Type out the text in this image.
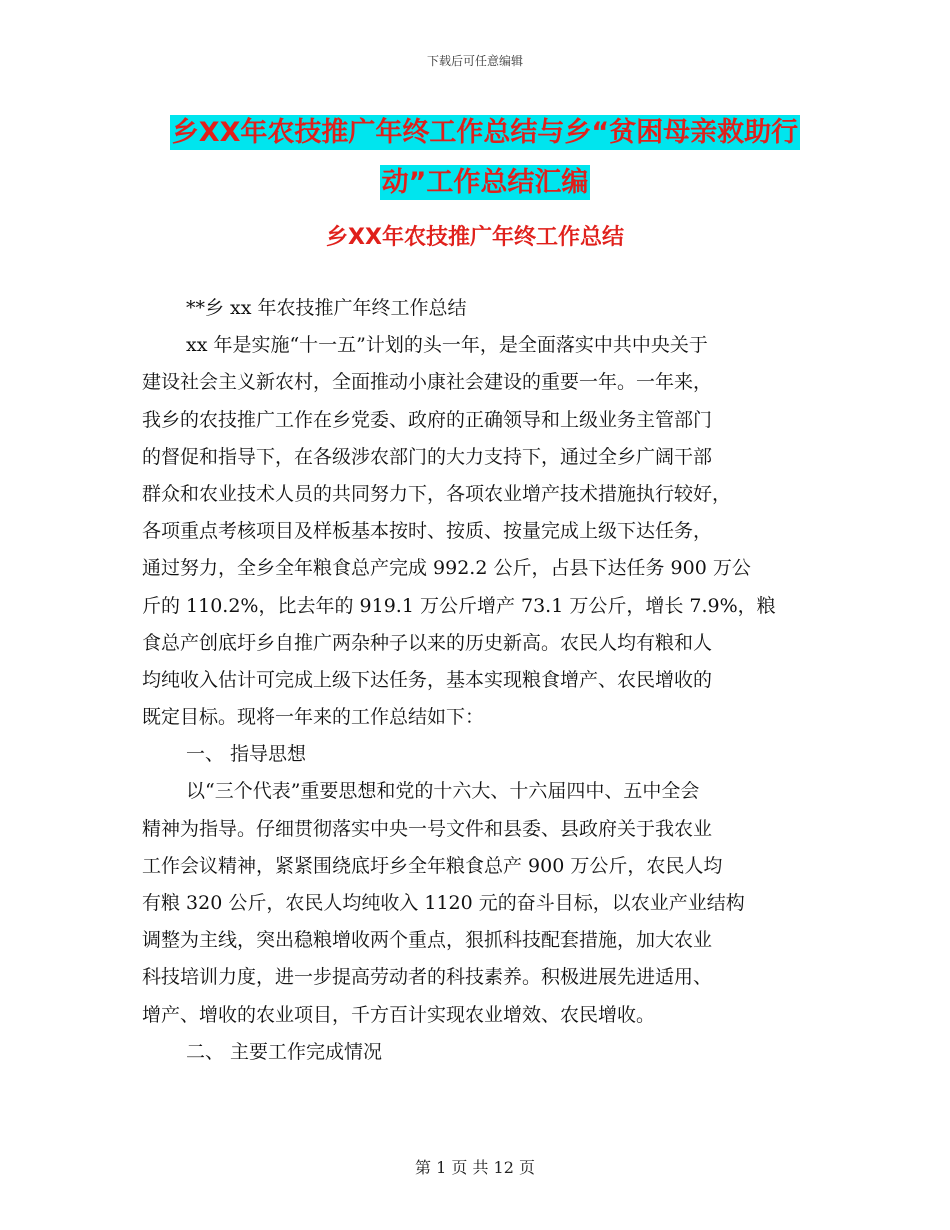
下载后可任意编辑
乡XX年农技推广年终工作总结与乡“贫困母亲救助行
动”工作总结汇编
乡XX年农技推广年终工作总结
**乡 xx 年农技推广年终工作总结
xx 年是实施“十一五”计划的头一年，是全面落实中共中央关于
建设社会主义新农村，全面推动小康社会建设的重要一年。一年来，
我乡的农技推广工作在乡党委、政府的正确领导和上级业务主管部门
的督促和指导下，在各级涉农部门的大力支持下，通过全乡广阔干部
群众和农业技术人员的共同努力下，各项农业增产技术措施执行较好，
各项重点考核项目及样板基本按时、按质、按量完成上级下达任务，
通过努力，全乡全年粮食总产完成 992.2 公斤，占县下达任务 900 万公
斤的 110.2%，比去年的 919.1 万公斤增产 73.1 万公斤，增长 7.9%，粮
食总产创底圩乡自推广两杂种子以来的历史新高。农民人均有粮和人
均纯收入估计可完成上级下达任务，基本实现粮食增产、农民增收的
既定目标。现将一年来的工作总结如下：
一、 指导思想
以“三个代表”重要思想和党的十六大、十六届四中、五中全会
精神为指导。仔细贯彻落实中央一号文件和县委、县政府关于我农业
工作会议精神，紧紧围绕底圩乡全年粮食总产 900 万公斤，农民人均
有粮 320 公斤，农民人均纯收入 1120 元的奋斗目标，以农业产业结构
调整为主线，突出稳粮增收两个重点，狠抓科技配套措施，加大农业
科技培训力度，进一步提高劳动者的科技素养。积极进展先进适用、
增产、增收的农业项目，千方百计实现农业增效、农民增收。
二、 主要工作完成情况
第 1 页 共 12 页
